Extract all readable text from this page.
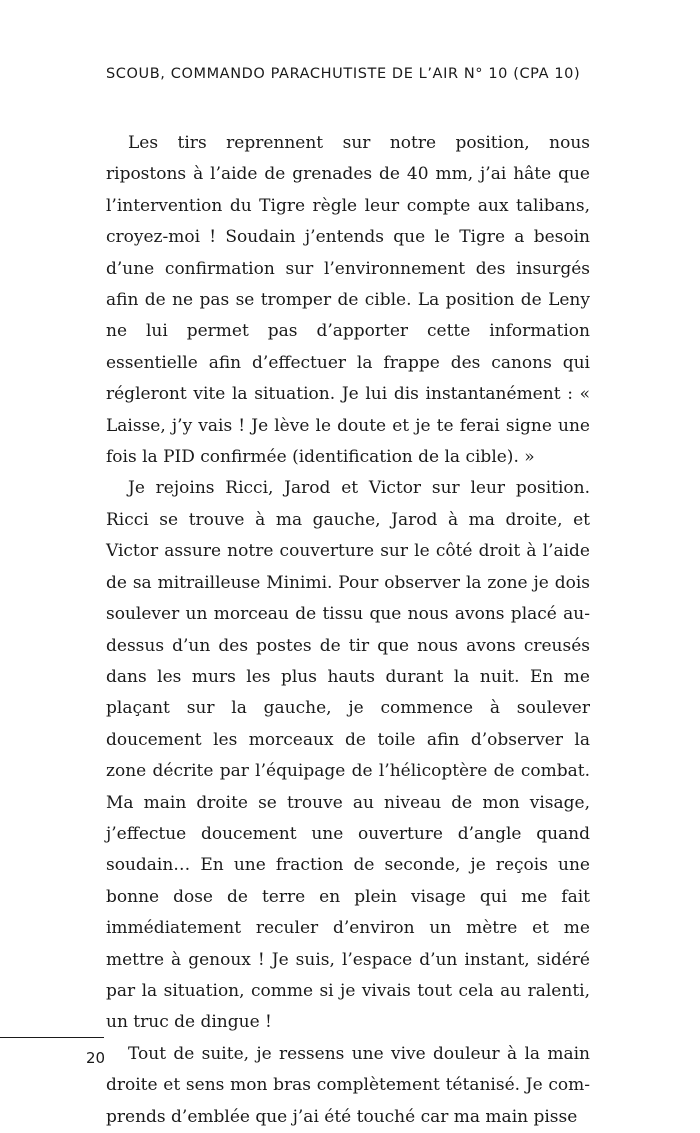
SCOUB, COMMANDO PARACHUTISTE DE L’AIR N° 10 (CPA 10)

Les tirs reprennent sur notre position, nous ripostons à l’aide de grenades de 40 mm, j’ai hâte que l’intervention du Tigre règle leur compte aux talibans, croyez-moi ! Soudain j’entends que le Tigre a besoin d’une confirmation sur l’environnement des insurgés afin de ne pas se tromper de cible. La position de Leny ne lui permet pas d’apporter cette information essentielle afin d’effectuer la frappe des canons qui régleront vite la situation. Je lui dis instantanément : « Laisse, j’y vais ! Je lève le doute et je te ferai signe une fois la PID confirmée (identification de la cible). »

Je rejoins Ricci, Jarod et Victor sur leur position. Ricci se trouve à ma gauche, Jarod à ma droite, et Victor assure notre couverture sur le côté droit à l’aide de sa mitrailleuse Minimi. Pour observer la zone je dois soulever un morceau de tissu que nous avons placé au-dessus d’un des postes de tir que nous avons creusés dans les murs les plus hauts durant la nuit. En me plaçant sur la gauche, je commence à soulever doucement les morceaux de toile afin d’observer la zone décrite par l’équipage de l’hélicoptère de combat. Ma main droite se trouve au niveau de mon visage, j’effectue doucement une ouverture d’angle quand soudain… En une fraction de seconde, je reçois une bonne dose de terre en plein visage qui me fait immédiatement reculer d’environ un mètre et me mettre à genoux ! Je suis, l’espace d’un instant, sidéré par la situation, comme si je vivais tout cela au ralenti, un truc de dingue !

Tout de suite, je ressens une vive douleur à la main droite et sens mon bras complètement tétanisé. Je comprends d’emblée que j’ai été touché car ma main pisse

20
